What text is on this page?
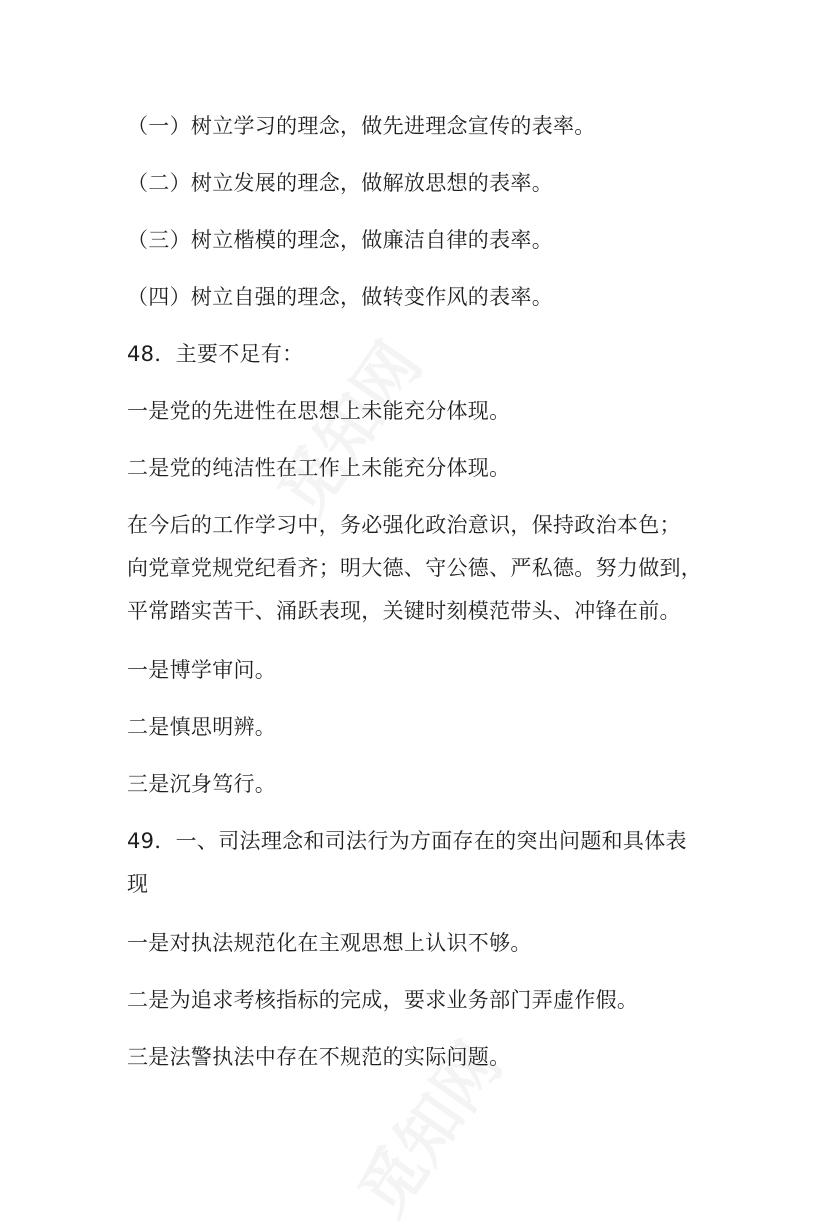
（一）树立学习的理念，做先进理念宣传的表率。
（二）树立发展的理念，做解放思想的表率。
（三）树立楷模的理念，做廉洁自律的表率。
（四）树立自强的理念，做转变作风的表率。
48．主要不足有：
一是党的先进性在思想上未能充分体现。
二是党的纯洁性在工作上未能充分体现。
在今后的工作学习中，务必强化政治意识，保持政治本色；
向党章党规党纪看齐；明大德、守公德、严私德。努力做到，
平常踏实苦干、涌跃表现，关键时刻模范带头、冲锋在前。
一是博学审问。
二是慎思明辨。
三是沉身笃行。
49．一、司法理念和司法行为方面存在的突出问题和具体表
现
一是对执法规范化在主观思想上认识不够。
二是为追求考核指标的完成，要求业务部门弄虚作假。
三是法警执法中存在不规范的实际问题。
